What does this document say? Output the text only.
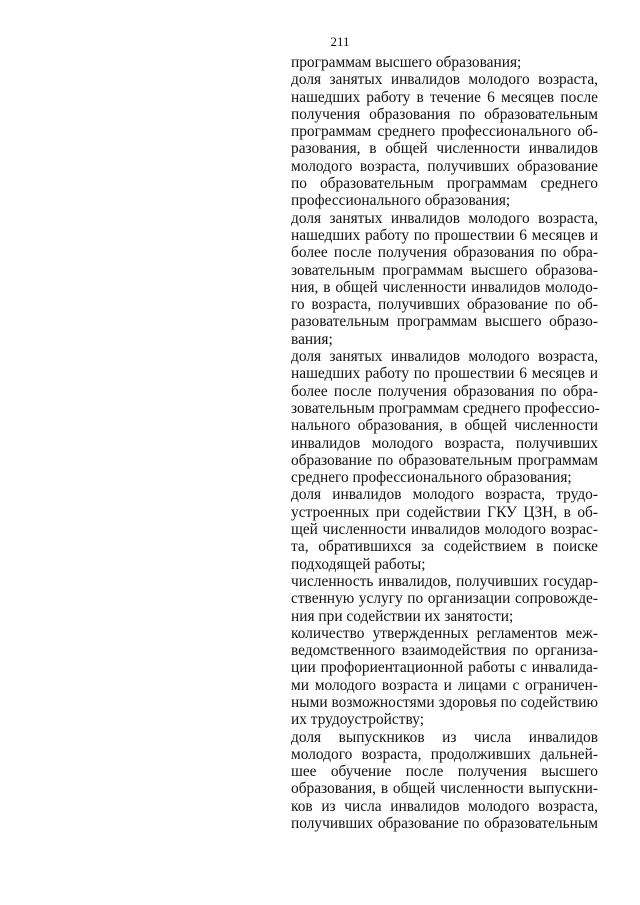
211

программам высшего образования;

доля занятых инвалидов молодого возраста,
нашедших работу в течение 6 месяцев после
получения образования по образовательным
программам среднего профессионального об-
разования, в общей численности инвалидов
молодого возраста, получивших образование
по образовательным программам среднего
профессионального образования;

доля занятых инвалидов молодого возраста,
нашедших работу по прошествии 6 месяцев и
более после получения образования по обра-
зовательным программам высшего образова-
ния, в общей численности инвалидов молодо-
го возраста, получивших образование по об-
разовательным программам высшего образо-
вания;

доля занятых инвалидов молодого возраста,
нашедших работу по прошествии 6 месяцев и
более после получения образования по обра-
зовательным программам среднего профессио-
нального образования, в общей численности
инвалидов молодого возраста, получивших
образование по образовательным программам
среднего профессионального образования;

доля инвалидов молодого возраста, трудо-
устроенных при содействии ГКУ ЦЗН, в об-
щей численности инвалидов молодого возрас-
та, обратившихся за содействием в поиске
подходящей работы;

численность инвалидов, получивших государ-
ственную услугу по организации сопровожде-
ния при содействии их занятости;

количество утвержденных регламентов меж-
ведомственного взаимодействия по организа-
ции профориентационной работы с инвалида-
ми молодого возраста и лицами с ограничен-
ными возможностями здоровья по содействию
их трудоустройству;

доля выпускников из числа инвалидов
молодого возраста, продолживших дальней-
шее обучение после получения высшего
образования, в общей численности выпускни-
ков из числа инвалидов молодого возраста,
получивших образование по образовательным
